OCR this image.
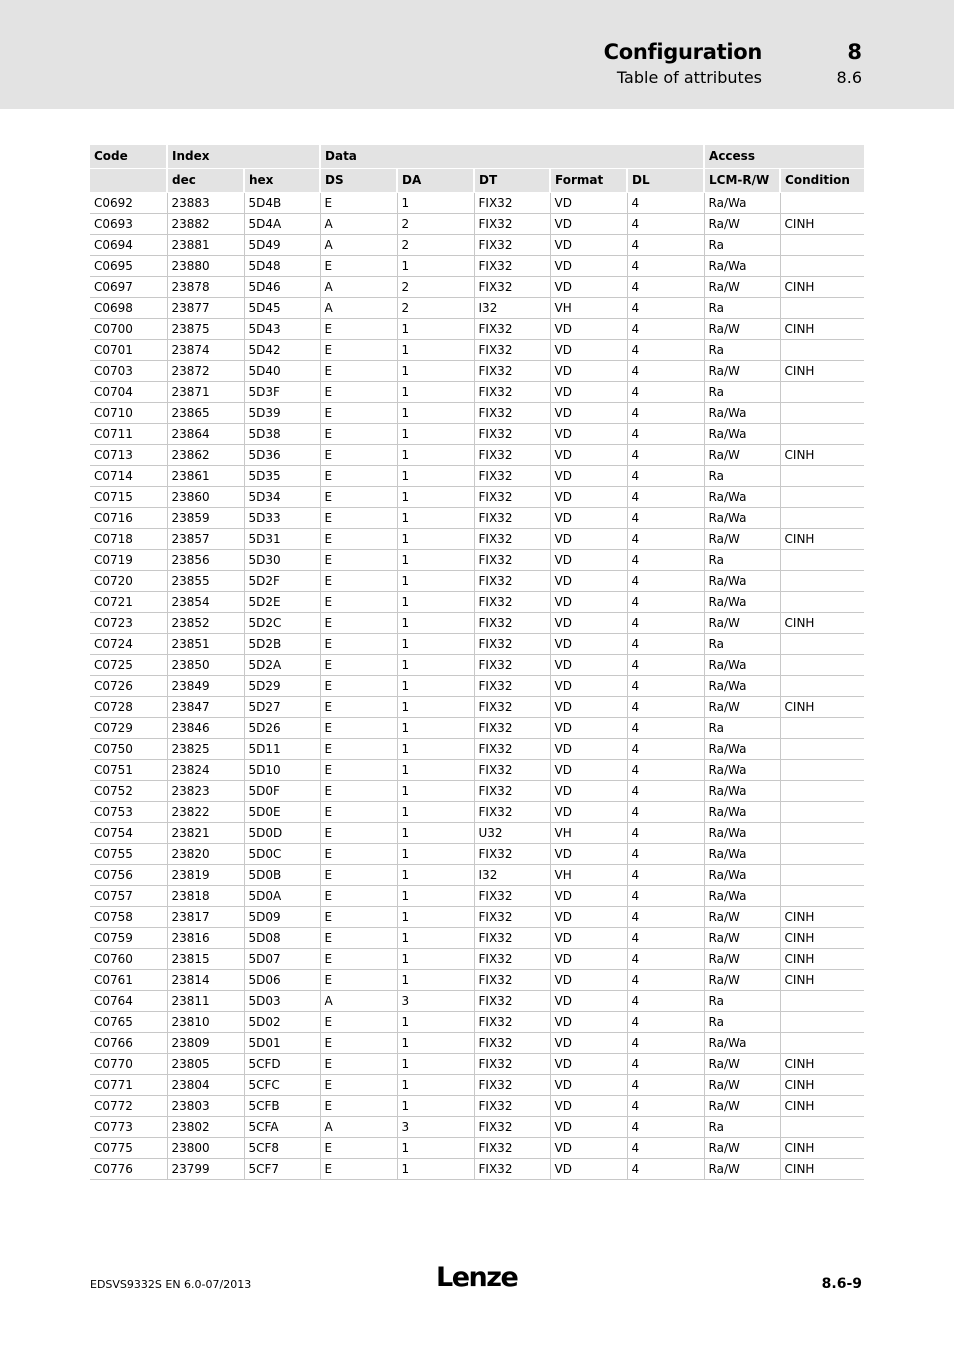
Configuration	8
Table of attributes	8.6
Code	Index		Data					Access	
	dec	hex	DS	DA	DT	Format	DL	LCM-R/W	Condition
C0692	23883	5D4B	E	1	FIX32	VD	4	Ra/Wa	
C0693	23882	5D4A	A	2	FIX32	VD	4	Ra/W	CINH
C0694	23881	5D49	A	2	FIX32	VD	4	Ra	
C0695	23880	5D48	E	1	FIX32	VD	4	Ra/Wa	
C0697	23878	5D46	A	2	FIX32	VD	4	Ra/W	CINH
C0698	23877	5D45	A	2	I32	VH	4	Ra	
C0700	23875	5D43	E	1	FIX32	VD	4	Ra/W	CINH
C0701	23874	5D42	E	1	FIX32	VD	4	Ra	
C0703	23872	5D40	E	1	FIX32	VD	4	Ra/W	CINH
C0704	23871	5D3F	E	1	FIX32	VD	4	Ra	
C0710	23865	5D39	E	1	FIX32	VD	4	Ra/Wa	
C0711	23864	5D38	E	1	FIX32	VD	4	Ra/Wa	
C0713	23862	5D36	E	1	FIX32	VD	4	Ra/W	CINH
C0714	23861	5D35	E	1	FIX32	VD	4	Ra	
C0715	23860	5D34	E	1	FIX32	VD	4	Ra/Wa	
C0716	23859	5D33	E	1	FIX32	VD	4	Ra/Wa	
C0718	23857	5D31	E	1	FIX32	VD	4	Ra/W	CINH
C0719	23856	5D30	E	1	FIX32	VD	4	Ra	
C0720	23855	5D2F	E	1	FIX32	VD	4	Ra/Wa	
C0721	23854	5D2E	E	1	FIX32	VD	4	Ra/Wa	
C0723	23852	5D2C	E	1	FIX32	VD	4	Ra/W	CINH
C0724	23851	5D2B	E	1	FIX32	VD	4	Ra	
C0725	23850	5D2A	E	1	FIX32	VD	4	Ra/Wa	
C0726	23849	5D29	E	1	FIX32	VD	4	Ra/Wa	
C0728	23847	5D27	E	1	FIX32	VD	4	Ra/W	CINH
C0729	23846	5D26	E	1	FIX32	VD	4	Ra	
C0750	23825	5D11	E	1	FIX32	VD	4	Ra/Wa	
C0751	23824	5D10	E	1	FIX32	VD	4	Ra/Wa	
C0752	23823	5D0F	E	1	FIX32	VD	4	Ra/Wa	
C0753	23822	5D0E	E	1	FIX32	VD	4	Ra/Wa	
C0754	23821	5D0D	E	1	U32	VH	4	Ra/Wa	
C0755	23820	5D0C	E	1	FIX32	VD	4	Ra/Wa	
C0756	23819	5D0B	E	1	I32	VH	4	Ra/Wa	
C0757	23818	5D0A	E	1	FIX32	VD	4	Ra/Wa	
C0758	23817	5D09	E	1	FIX32	VD	4	Ra/W	CINH
C0759	23816	5D08	E	1	FIX32	VD	4	Ra/W	CINH
C0760	23815	5D07	E	1	FIX32	VD	4	Ra/W	CINH
C0761	23814	5D06	E	1	FIX32	VD	4	Ra/W	CINH
C0764	23811	5D03	A	3	FIX32	VD	4	Ra	
C0765	23810	5D02	E	1	FIX32	VD	4	Ra	
C0766	23809	5D01	E	1	FIX32	VD	4	Ra/Wa	
C0770	23805	5CFD	E	1	FIX32	VD	4	Ra/W	CINH
C0771	23804	5CFC	E	1	FIX32	VD	4	Ra/W	CINH
C0772	23803	5CFB	E	1	FIX32	VD	4	Ra/W	CINH
C0773	23802	5CFA	A	3	FIX32	VD	4	Ra	
C0775	23800	5CF8	E	1	FIX32	VD	4	Ra/W	CINH
C0776	23799	5CF7	E	1	FIX32	VD	4	Ra/W	CINH
EDSVS9332S EN 6.0-07/2013	Lenze	8.6-9
